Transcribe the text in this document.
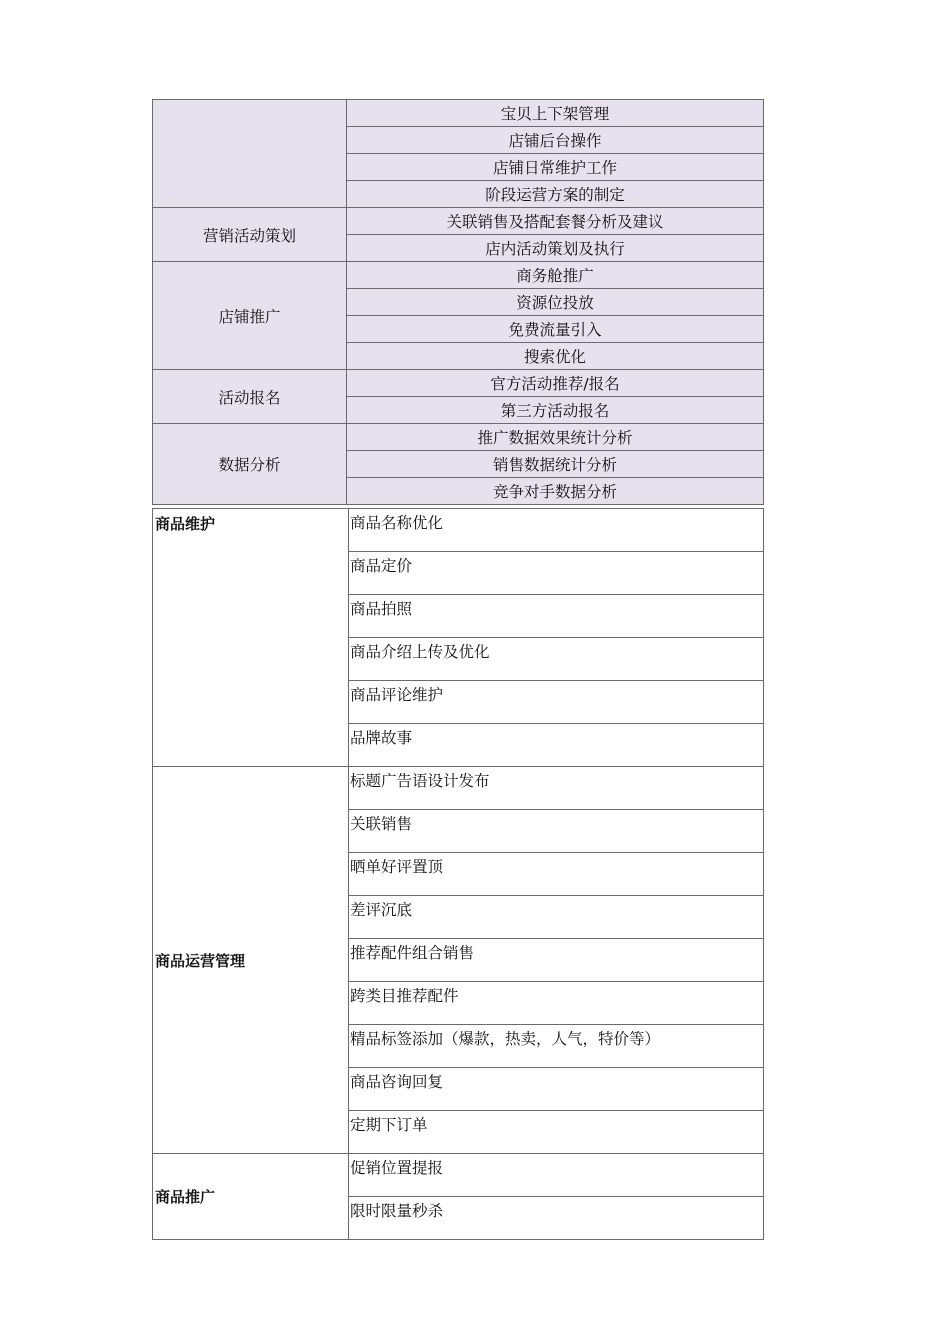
	宝贝上下架管理
	店铺后台操作
	店铺日常维护工作
	阶段运营方案的制定
营销活动策划	关联销售及搭配套餐分析及建议
	店内活动策划及执行
店铺推广	商务舱推广
	资源位投放
	免费流量引入
	搜索优化
活动报名	官方活动推荐/报名
	第三方活动报名
数据分析	推广数据效果统计分析
	销售数据统计分析
	竞争对手数据分析
商品维护	商品名称优化
	商品定价
	商品拍照
	商品介绍上传及优化
	商品评论维护
	品牌故事
商品运营管理	标题广告语设计发布
	关联销售
	晒单好评置顶
	差评沉底
	推荐配件组合销售
	跨类目推荐配件
	精品标签添加（爆款，热卖，人气，特价等）
	商品咨询回复
	定期下订单
商品推广	促销位置提报
	限时限量秒杀
